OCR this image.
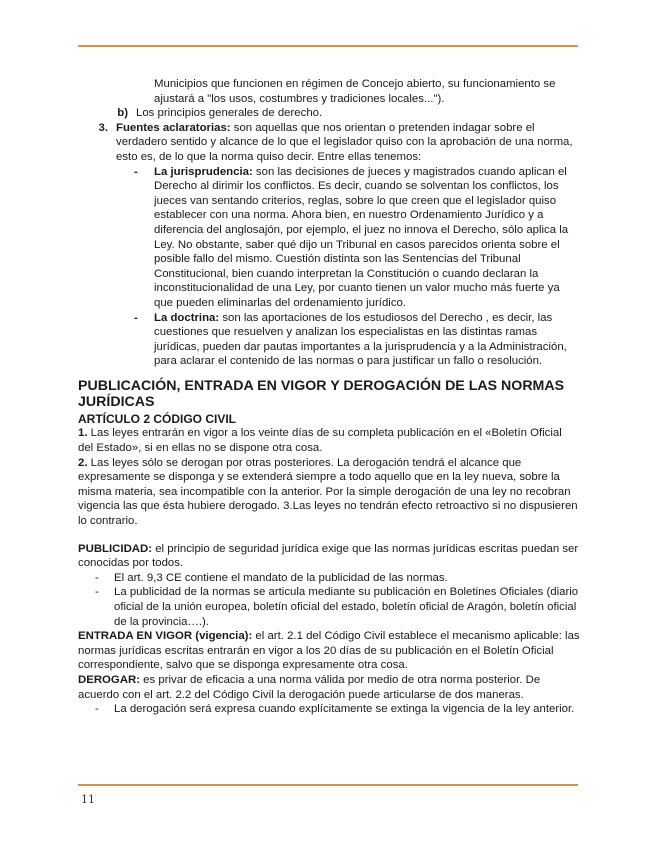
Municipios que funcionen en régimen de Concejo abierto, su funcionamiento se ajustará a "los usos, costumbres y tradiciones locales...").

b) Los principios generales de derecho.
3. Fuentes aclaratorias: son aquellas que nos orientan o pretenden indagar sobre el verdadero sentido y alcance de lo que el legislador quiso con la aprobación de una norma, esto es, de lo que la norma quiso decir. Entre ellas tenemos:
-	La jurisprudencia: son las decisiones de jueces y magistrados cuando aplican el Derecho al dirimir los conflictos. Es decir, cuando se solventan los conflictos, los jueces van sentando criterios, reglas, sobre lo que creen que el legislador quiso establecer con una norma. Ahora bien, en nuestro Ordenamiento Jurídico y a diferencia del anglosajón, por ejemplo, el juez no innova el Derecho, sólo aplica la Ley. No obstante, saber qué dijo un Tribunal en casos parecidos orienta sobre el posible fallo del mismo. Cuestión distinta son las Sentencias del Tribunal Constitucional, bien cuando interpretan la Constitución o cuando declaran la inconstitucionalidad de una Ley, por cuanto tienen un valor mucho más fuerte ya que pueden eliminarlas del ordenamiento jurídico.
-	La doctrina: son las aportaciones de los estudiosos del Derecho , es decir, las cuestiones que resuelven y analizan los especialistas en las distintas ramas jurídicas, pueden dar pautas importantes a la jurisprudencia y a la Administración, para aclarar el contenido de las normas o para justificar un fallo o resolución.
PUBLICACIÓN, ENTRADA EN VIGOR Y DEROGACIÓN DE LAS NORMAS JURÍDICAS
ARTÍCULO 2 CÓDIGO CIVIL

1. Las leyes entrarán en vigor a los veinte días de su completa publicación en el «Boletín Oficial del Estado», si en ellas no se dispone otra cosa.

2. Las leyes sólo se derogan por otras posteriores. La derogación tendrá el alcance que expresamente se disponga y se extenderá siempre a todo aquello que en la ley nueva, sobre la misma materia, sea incompatible con la anterior. Por la simple derogación de una ley no recobran vigencia las que ésta hubiere derogado. 3.Las leyes no tendrán efecto retroactivo si no dispusieren lo contrario.

PUBLICIDAD: el principio de seguridad jurídica exige que las normas jurídicas escritas puedan ser conocidas por todos.

-	El art. 9,3 CE contiene el mandato de la publicidad de las normas.
-	La publicidad de la normas se articula mediante su publicación en Boletines Oficiales (diario oficial de la unión europea, boletín oficial del estado, boletín oficial de Aragón, boletín oficial de la provincia….).

ENTRADA EN VIGOR (vigencia): el art. 2.1 del Código Civil establece el mecanismo aplicable: las normas jurídicas escritas entrarán en vigor a los 20 días de su publicación en el Boletín Oficial correspondiente, salvo que se disponga expresamente otra cosa.

DEROGAR: es privar de eficacia a una norma válida por medio de otra norma posterior. De acuerdo con el art. 2.2 del Código Civil la derogación puede articularse de dos maneras.

-	La derogación será expresa cuando explícitamente se extinga la vigencia de la ley anterior.
11
